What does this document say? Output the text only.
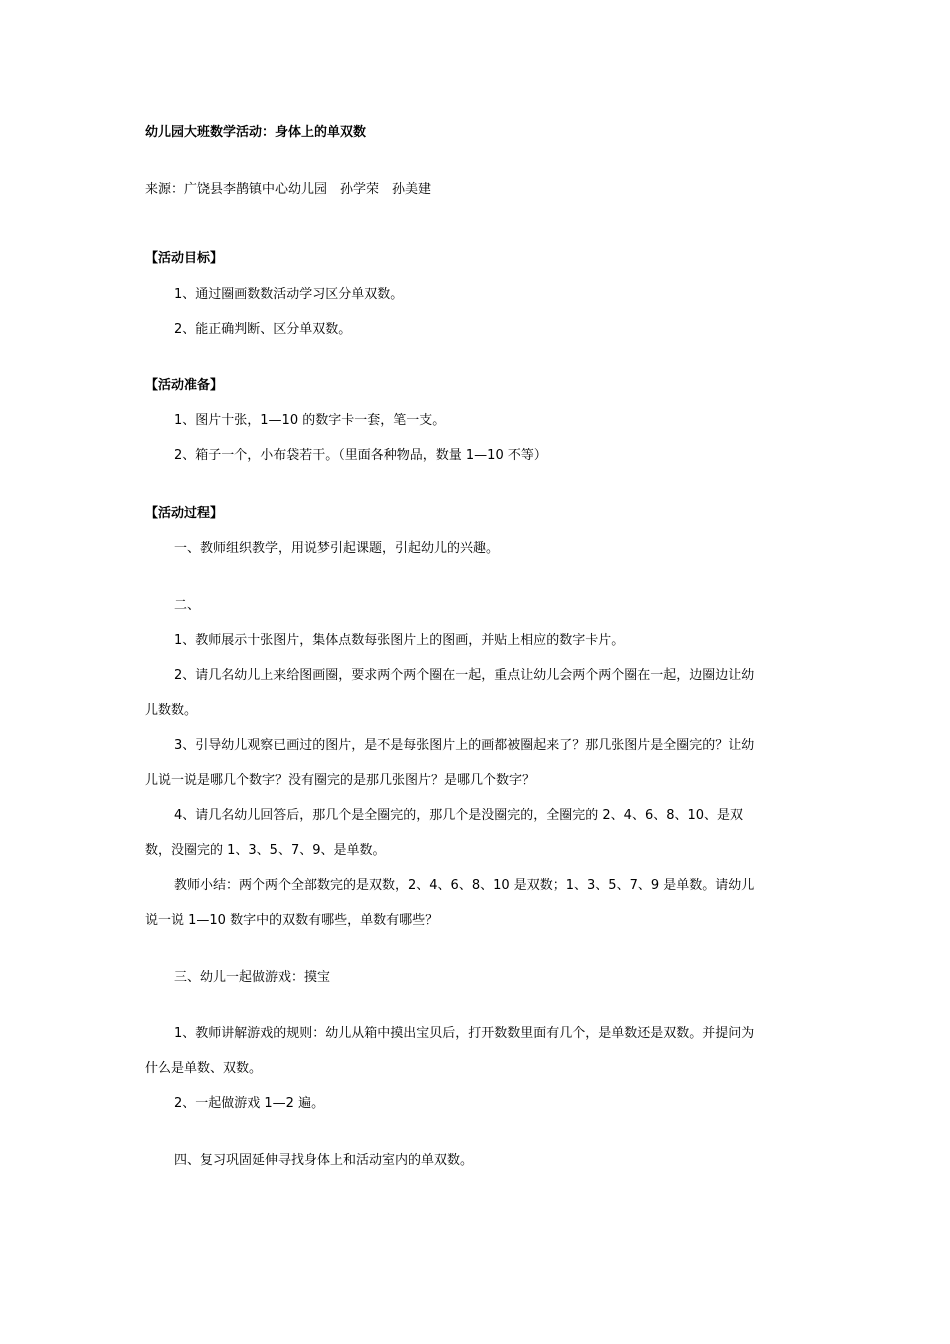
幼儿园大班数学活动：身体上的单双数
来源：广饶县李鹊镇中心幼儿园　孙学荣　孙美建
【活动目标】
1、通过圈画数数活动学习区分单双数。
2、能正确判断、区分单双数。
【活动准备】
1、图片十张，1—10 的数字卡一套，笔一支。
2、箱子一个，小布袋若干。（里面各种物品，数量 1—10 不等）
【活动过程】
一、教师组织教学，用说梦引起课题，引起幼儿的兴趣。
二、
1、教师展示十张图片，集体点数每张图片上的图画，并贴上相应的数字卡片。
2、请几名幼儿上来给图画圈，要求两个两个圈在一起，重点让幼儿会两个两个圈在一起，边圈边让幼
儿数数。
3、引导幼儿观察已画过的图片，是不是每张图片上的画都被圈起来了？那几张图片是全圈完的？让幼
儿说一说是哪几个数字？没有圈完的是那几张图片？是哪几个数字？
4、请几名幼儿回答后，那几个是全圈完的，那几个是没圈完的，全圈完的 2、4、6、8、10、是双
数，没圈完的 1、3、5、7、9、是单数。
教师小结：两个两个全部数完的是双数，2、4、6、8、10 是双数；1、3、5、7、9 是单数。请幼儿
说一说 1—10 数字中的双数有哪些，单数有哪些？
三、幼儿一起做游戏：摸宝
1、教师讲解游戏的规则：幼儿从箱中摸出宝贝后，打开数数里面有几个，是单数还是双数。并提问为
什么是单数、双数。
2、一起做游戏 1—2 遍。
四、复习巩固延伸寻找身体上和活动室内的单双数。
